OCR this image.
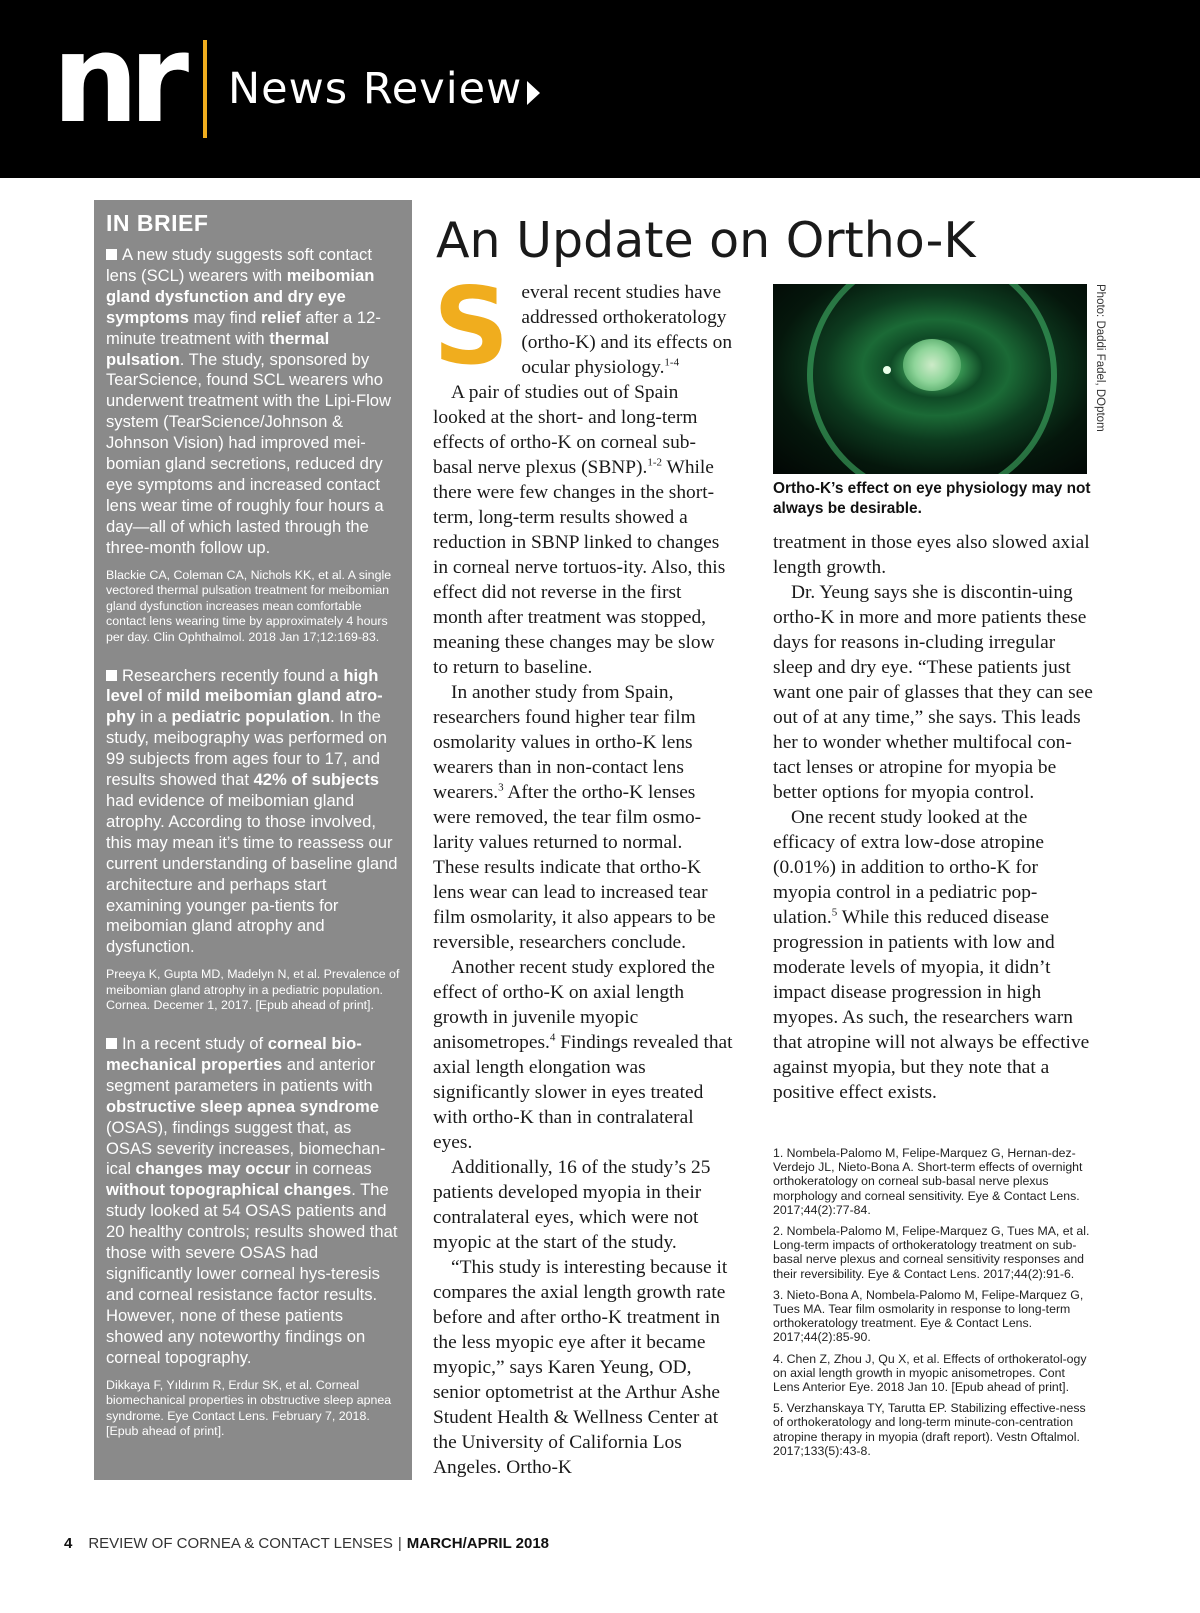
nr News Review
IN BRIEF
A new study suggests soft contact lens (SCL) wearers with meibomian gland dysfunction and dry eye symptoms may find relief after a 12-minute treatment with thermal pulsation. The study, sponsored by TearScience, found SCL wearers who underwent treatment with the Lipi-Flow system (TearScience/Johnson & Johnson Vision) had improved mei-bomian gland secretions, reduced dry eye symptoms and increased contact lens wear time of roughly four hours a day—all of which lasted through the three-month follow up.
Blackie CA, Coleman CA, Nichols KK, et al. A single vectored thermal pulsation treatment for meibomian gland dysfunction increases mean comfortable contact lens wearing time by approximately 4 hours per day. Clin Ophthalmol. 2018 Jan 17;12:169-83.
Researchers recently found a high level of mild meibomian gland atro-phy in a pediatric population. In the study, meibography was performed on 99 subjects from ages four to 17, and results showed that 42% of subjects had evidence of meibomian gland atrophy. According to those involved, this may mean it’s time to reassess our current understanding of baseline gland architecture and perhaps start examining younger pa-tients for meibomian gland atrophy and dysfunction.
Preeya K, Gupta MD, Madelyn N, et al. Prevalence of meibomian gland atrophy in a pediatric population. Cornea. Decemer 1, 2017. [Epub ahead of print].
In a recent study of corneal bio-mechanical properties and anterior segment parameters in patients with obstructive sleep apnea syndrome (OSAS), findings suggest that, as OSAS severity increases, biomechan-ical changes may occur in corneas without topographical changes. The study looked at 54 OSAS patients and 20 healthy controls; results showed that those with severe OSAS had significantly lower corneal hys-teresis and corneal resistance factor results. However, none of these patients showed any noteworthy findings on corneal topography.
Dikkaya F, Yıldırım R, Erdur SK, et al. Corneal biomechanical properties in obstructive sleep apnea syndrome. Eye Contact Lens. February 7, 2018. [Epub ahead of print].
An Update on Ortho-K

Several recent studies have addressed orthokeratology (ortho-K) and its effects on ocular physiology.$^{1-4}$

A pair of studies out of Spain looked at the short- and long-term effects of ortho-K on corneal sub-basal nerve plexus (SBNP).$^{1-2}$ While there were few changes in the short-term, long-term results showed a reduction in SBNP linked to changes in corneal nerve tortuos-ity. Also, this effect did not reverse in the first month after treatment was stopped, meaning these changes may be slow to return to baseline.

In another study from Spain, researchers found higher tear film osmolarity values in ortho-K lens wearers than in non-contact lens wearers.$^3$ After the ortho-K lenses were removed, the tear film osmo-larity values returned to normal. These results indicate that ortho-K lens wear can lead to increased tear film osmolarity, it also appears to be reversible, researchers conclude.

Another recent study explored the effect of ortho-K on axial length growth in juvenile myopic anisometropes.$^4$ Findings revealed that axial length elongation was significantly slower in eyes treated with ortho-K than in contralateral eyes.

Additionally, 16 of the study’s 25 patients developed myopia in their contralateral eyes, which were not myopic at the start of the study.

“This study is interesting because it compares the axial length growth rate before and after ortho-K treatment in the less myopic eye after it became myopic,” says Karen Yeung, OD, senior optometrist at the Arthur Ashe Student Health & Wellness Center at the University of California Los Angeles. Ortho-K

Photo: Daddi Fadel, DOptom
Ortho-K’s effect on eye physiology may not always be desirable.

treatment in those eyes also slowed axial length growth.

Dr. Yeung says she is discontin-uing ortho-K in more and more patients these days for reasons in-cluding irregular sleep and dry eye. “These patients just want one pair of glasses that they can see out of at any time,” she says. This leads her to wonder whether multifocal con-tact lenses or atropine for myopia be better options for myopia control.

One recent study looked at the efficacy of extra low-dose atropine (0.01%) in addition to ortho-K for myopia control in a pediatric pop-ulation.$^5$ While this reduced disease progression in patients with low and moderate levels of myopia, it didn’t impact disease progression in high myopes. As such, the researchers warn that atropine will not always be effective against myopia, but they note that a positive effect exists.

1. Nombela-Palomo M, Felipe-Marquez G, Hernan-dez-Verdejo JL, Nieto-Bona A. Short-term effects of overnight orthokeratology on corneal sub-basal nerve plexus morphology and corneal sensitivity. Eye & Contact Lens. 2017;44(2):77-84.
2. Nombela-Palomo M, Felipe-Marquez G, Tues MA, et al. Long-term impacts of orthokeratology treatment on sub-basal nerve plexus and corneal sensitivity responses and their reversibility. Eye & Contact Lens. 2017;44(2):91-6.
3. Nieto-Bona A, Nombela-Palomo M, Felipe-Marquez G, Tues MA. Tear film osmolarity in response to long-term orthokeratology treatment. Eye & Contact Lens. 2017;44(2):85-90.
4. Chen Z, Zhou J, Qu X, et al. Effects of orthokeratol-ogy on axial length growth in myopic anisometropes. Cont Lens Anterior Eye. 2018 Jan 10. [Epub ahead of print].
5. Verzhanskaya TY, Tarutta EP. Stabilizing effective-ness of orthokeratology and long-term minute-con-centration atropine therapy in myopia (draft report). Vestn Oftalmol. 2017;133(5):43-8.
4 REVIEW OF CORNEA & CONTACT LENSES | MARCH/APRIL 2018
